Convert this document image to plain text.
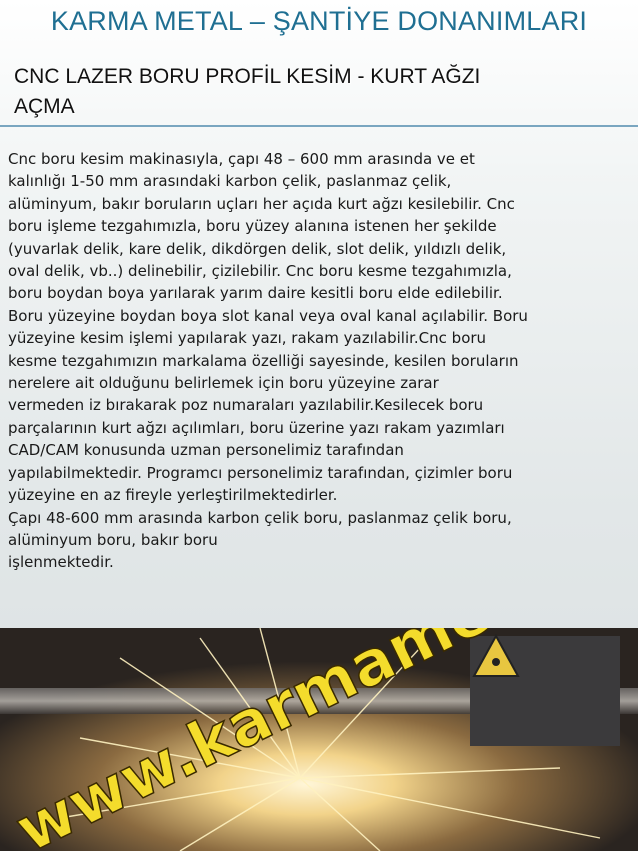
KARMA METAL – ŞANTİYE DONANIMLARI
CNC LAZER BORU PROFİL KESİM - KURT AĞZI
AÇMA
Cnc boru kesim makinasıyla, çapı 48 – 600 mm arasında ve et
kalınlığı 1-50 mm arasındaki karbon çelik, paslanmaz çelik,
alüminyum, bakır boruların uçları her açıda kurt ağzı kesilebilir. Cnc
boru işleme tezgahımızla, boru yüzey alanına istenen her şekilde
(yuvarlak delik, kare delik, dikdörgen delik, slot delik, yıldızlı delik,
oval delik, vb..) delinebilir, çizilebilir. Cnc boru kesme tezgahımızla,
boru boydan boya yarılarak yarım daire kesitli boru elde edilebilir.
Boru yüzeyine boydan boya slot kanal veya oval kanal açılabilir. Boru
yüzeyine kesim işlemi yapılarak yazı, rakam yazılabilir.Cnc boru
kesme tezgahımızın markalama özelliği sayesinde, kesilen boruların
nerelere ait olduğunu belirlemek için boru yüzeyine zarar
vermeden iz bırakarak poz numaraları yazılabilir.Kesilecek boru
parçalarının kurt ağzı açılımları, boru üzerine yazı rakam yazımları
CAD/CAM konusunda uzman personelimiz tarafından
yapılabilmektedir. Programcı personelimiz tarafından, çizimler boru
yüzeyine en az fireyle yerleştirilmektedirler.
Çapı 48-600 mm arasında karbon çelik boru, paslanmaz çelik boru,
alüminyum boru, bakır boru
işlenmektedir.
